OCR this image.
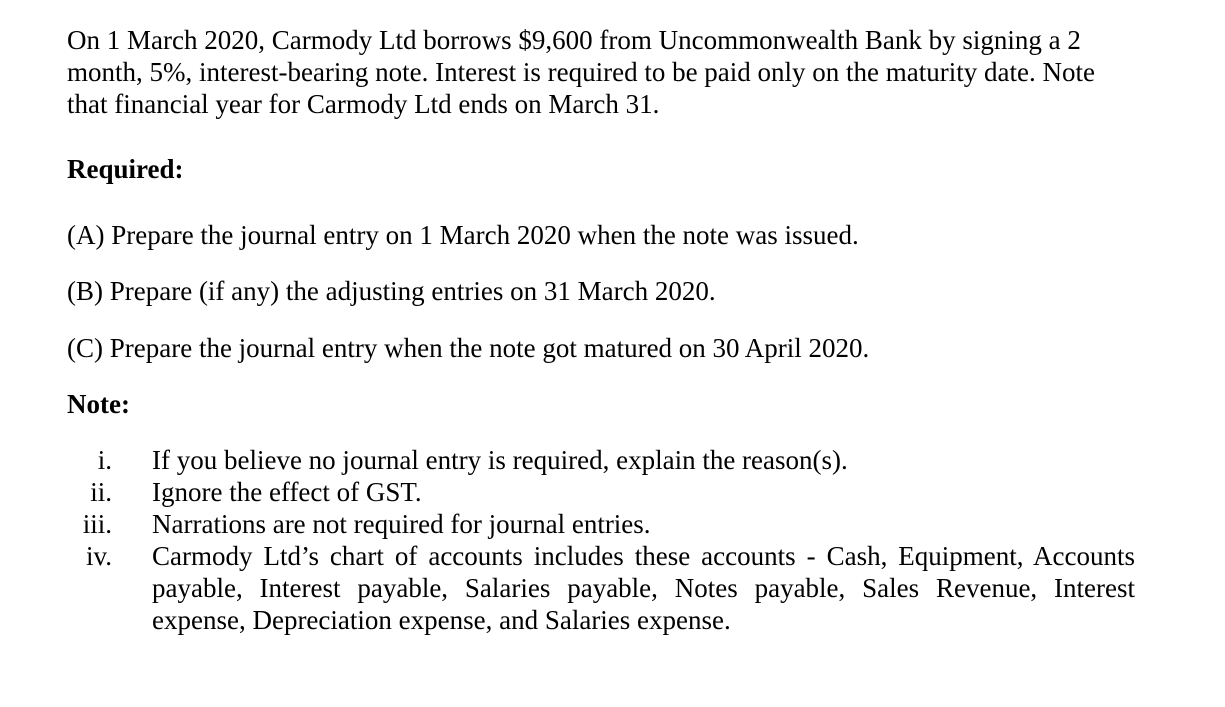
On 1 March 2020, Carmody Ltd borrows $9,600 from Uncommonwealth Bank by signing a 2 month, 5%, interest-bearing note. Interest is required to be paid only on the maturity date. Note that financial year for Carmody Ltd ends on March 31.

Required:

(A) Prepare the journal entry on 1 March 2020 when the note was issued.

(B) Prepare (if any) the adjusting entries on 31 March 2020.

(C) Prepare the journal entry when the note got matured on 30 April 2020.

Note:

i. If you believe no journal entry is required, explain the reason(s).
ii. Ignore the effect of GST.
iii. Narrations are not required for journal entries.
iv. Carmody Ltd’s chart of accounts includes these accounts - Cash, Equipment, Accounts payable, Interest payable, Salaries payable, Notes payable, Sales Revenue, Interest expense, Depreciation expense, and Salaries expense.
